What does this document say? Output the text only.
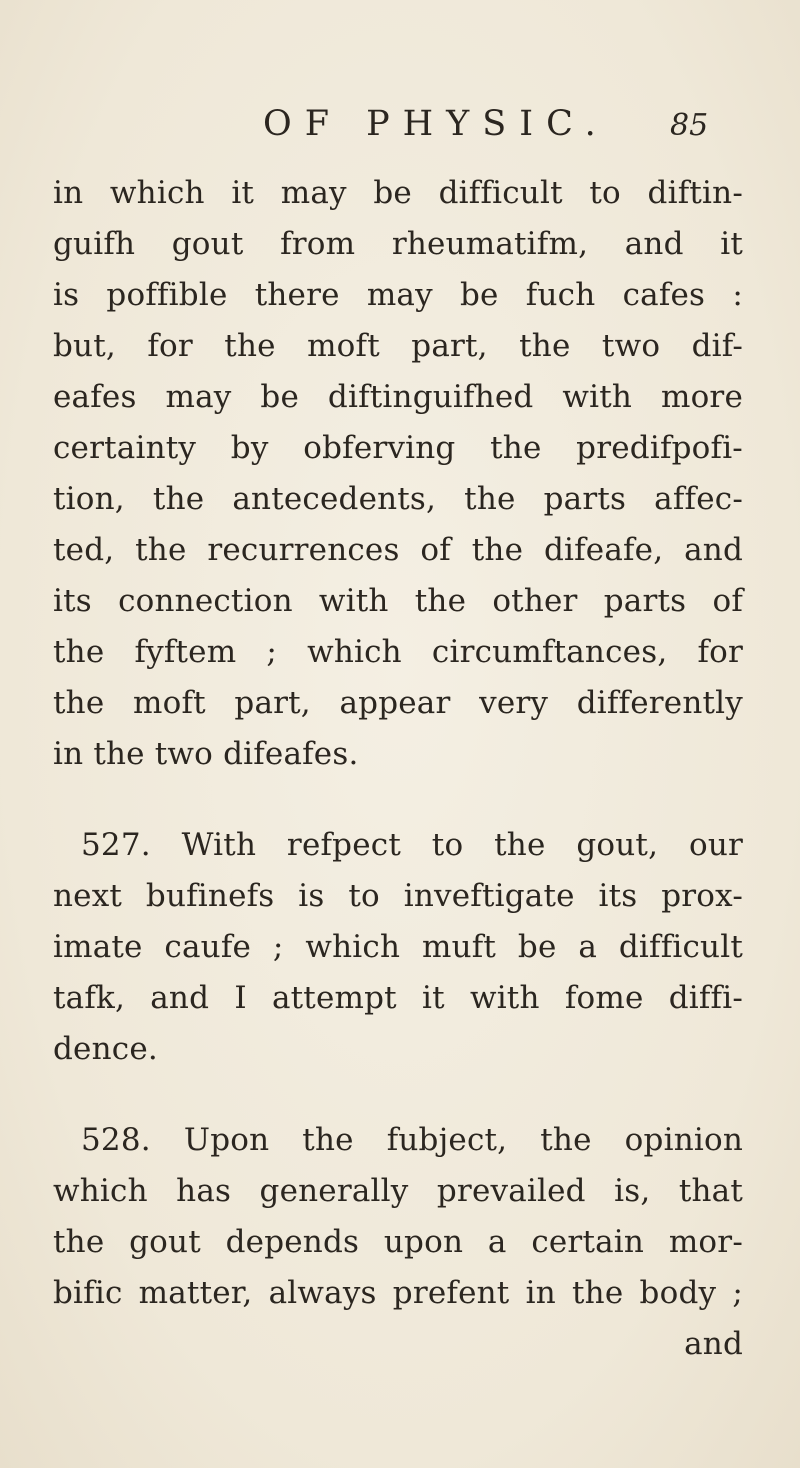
OF PHYSIC. 85
in which it may be difficult to diftin-
guifh gout from rheumatifm, and it
is poffible there may be fuch cafes :
but, for the moft part, the two dif-
eafes may be diftinguifhed with more
certainty by obferving the predifpofi-
tion, the antecedents, the parts affec-
ted, the recurrences of the difeafe, and
its connection with the other parts of
the fyftem ; which circumftances, for
the moft part, appear very differently
in the two difeafes.
527. With refpect to the gout, our
next bufinefs is to inveftigate its prox-
imate caufe ; which muft be a difficult
tafk, and I attempt it with fome diffi-
dence.
528. Upon the fubject, the opinion
which has generally prevailed is, that
the gout depends upon a certain mor-
bific matter, always prefent in the body ;
and
